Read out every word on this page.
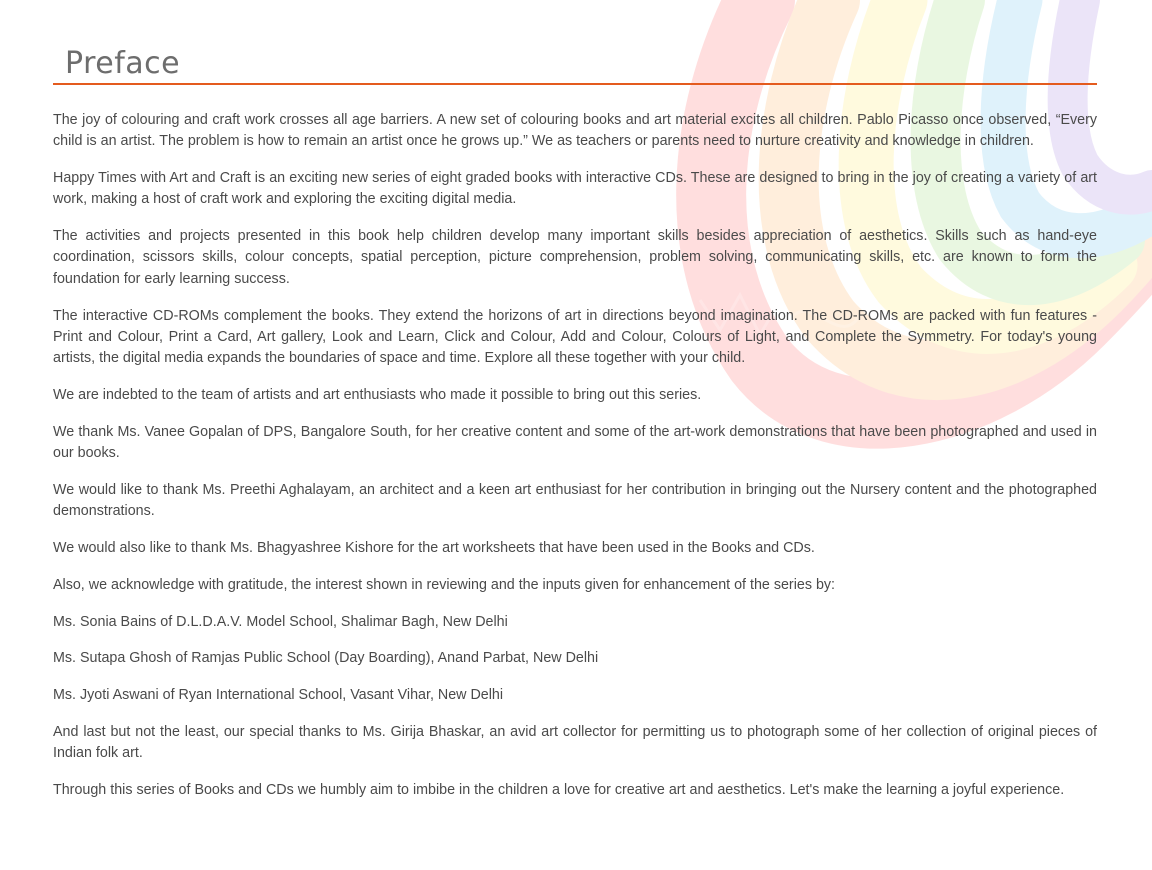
Preface

The joy of colouring and craft work crosses all age barriers. A new set of colouring books and art material excites all children. Pablo Picasso once observed, “Every child is an artist. The problem is how to remain an artist once he grows up.” We as teachers or parents need to nurture creativity and knowledge in children.

Happy Times with Art and Craft is an exciting new series of eight graded books with interactive CDs. These are designed to bring in the joy of creating a variety of art work, making a host of craft work and exploring the exciting digital media.

The activities and projects presented in this book help children develop many important skills besides appreciation of aesthetics. Skills such as hand-eye coordination, scissors skills, colour concepts, spatial perception, picture comprehension, problem solving, communicating skills, etc. are known to form the foundation for early learning success.

The interactive CD-ROMs complement the books. They extend the horizons of art in directions beyond imagination. The CD-ROMs are packed with fun features - Print and Colour, Print a Card, Art gallery, Look and Learn, Click and Colour, Add and Colour, Colours of Light, and Complete the Symmetry. For today's young artists, the digital media expands the boundaries of space and time. Explore all these together with your child.

We are indebted to the team of artists and art enthusiasts who made it possible to bring out this series.

We thank Ms. Vanee Gopalan of DPS, Bangalore South, for her creative content and some of the art-work demonstrations that have been photographed and used in our books.

We would like to thank Ms. Preethi Aghalayam, an architect and a keen art enthusiast for her contribution in bringing out the Nursery content and the photographed demonstrations.

We would also like to thank Ms. Bhagyashree Kishore for the art worksheets that have been used in the Books and CDs.

Also, we acknowledge with gratitude, the interest shown in reviewing and the inputs given for enhancement of the series by:

Ms. Sonia Bains of D.L.D.A.V. Model School, Shalimar Bagh, New Delhi

Ms. Sutapa Ghosh of Ramjas Public School (Day Boarding), Anand Parbat, New Delhi

Ms. Jyoti Aswani of Ryan International School, Vasant Vihar, New Delhi

And last but not the least, our special thanks to Ms. Girija Bhaskar, an avid art collector for permitting us to photograph some of her collection of original pieces of Indian folk art.

Through this series of Books and CDs we humbly aim to imbibe in the children a love for creative art and aesthetics. Let's make the learning a joyful experience.
